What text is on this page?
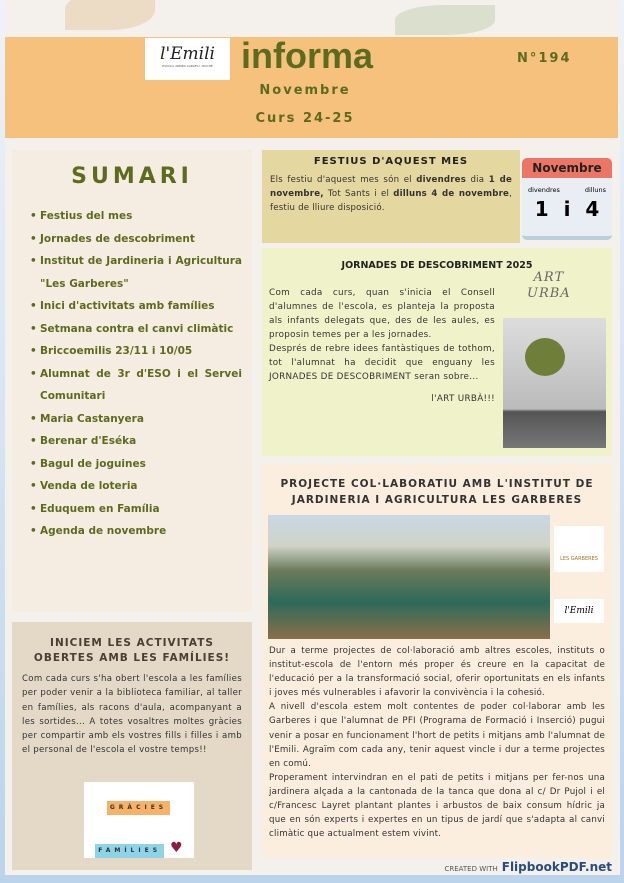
l'Emili
ESCOLA ANNEX CARLES I. ROCHÉ informa
Novembre
Curs 24-25
N°194
SUMARI
• Festius del mes
• Jornades de descobriment
• Institut de Jardineria i Agricultura "Les Garberes"
• Inici d'activitats amb famílies
• Setmana contra el canvi climàtic
• Briccoemilis 23/11 i 10/05
• Alumnat de 3r d'ESO i el Servei Comunitari
• Maria Castanyera
• Berenar d'Eséka
• Bagul de joguines
• Venda de loteria
• Eduquem en Família
• Agenda de novembre
INICIEM LES ACTIVITATS OBERTES AMB LES FAMÍLIES!

Com cada curs s'ha obert l'escola a les famílies per poder venir a la biblioteca familiar, al taller en famílies, als racons d'aula, acompanyant a les sortides... A totes vosaltres moltes gràcies per compartir amb els vostres fills i filles i amb el personal de l'escola el vostre temps!!

GRÀCIES
FAMÍLIES ♥
FESTIUS D'AQUEST MES

Els festiu d'aquest mes són el divendres dia 1 de novembre, Tot Sants i el dilluns 4 de novembre, festiu de lliure disposició.

Novembre
divendres	dilluns
1 i 4
JORNADES DE DESCOBRIMENT 2025
Com cada curs, quan s'inicia el Consell d'alumnes de l'escola, es planteja la proposta als infants delegats que, des de les aules, es proposin temes per a les jornades.
Després de rebre idees fantàstiques de tothom, tot l'alumnat ha decidit que enguany les JORNADES DE DESCOBRIMENT seran sobre...
l'ART URBÀ!!!
ART
URBA
PROJECTE COL·LABORATIU AMB L'INSTITUT DE JARDINERIA I AGRICULTURA LES GARBERES
LES GARBERES
l'Emili
Dur a terme projectes de col·laboració amb altres escoles, instituts o institut-escola de l'entorn més proper és creure en la capacitat de l'educació per a la transformació social, oferir oportunitats en els infants i joves més vulnerables i afavorir la convivència i la cohesió.
A nivell d'escola estem molt contentes de poder col·laborar amb les Garberes i que l'alumnat de PFI (Programa de Formació i Inserció) pugui venir a posar en funcionament l'hort de petits i mitjans amb l'alumnat de l'Emili. Agraïm com cada any, tenir aquest vincle i dur a terme projectes en comú.
Properament intervindran en el pati de petits i mitjans per fer-nos una jardinera alçada a la cantonada de la tanca que dona al c/ Dr Pujol i el c/Francesc Layret plantant plantes i arbustos de baix consum hídric ja que en són experts i expertes en un tipus de jardí que s'adapta al canvi climàtic que actualment estem vivint.
CREATED WITH FlipbookPDF.net
